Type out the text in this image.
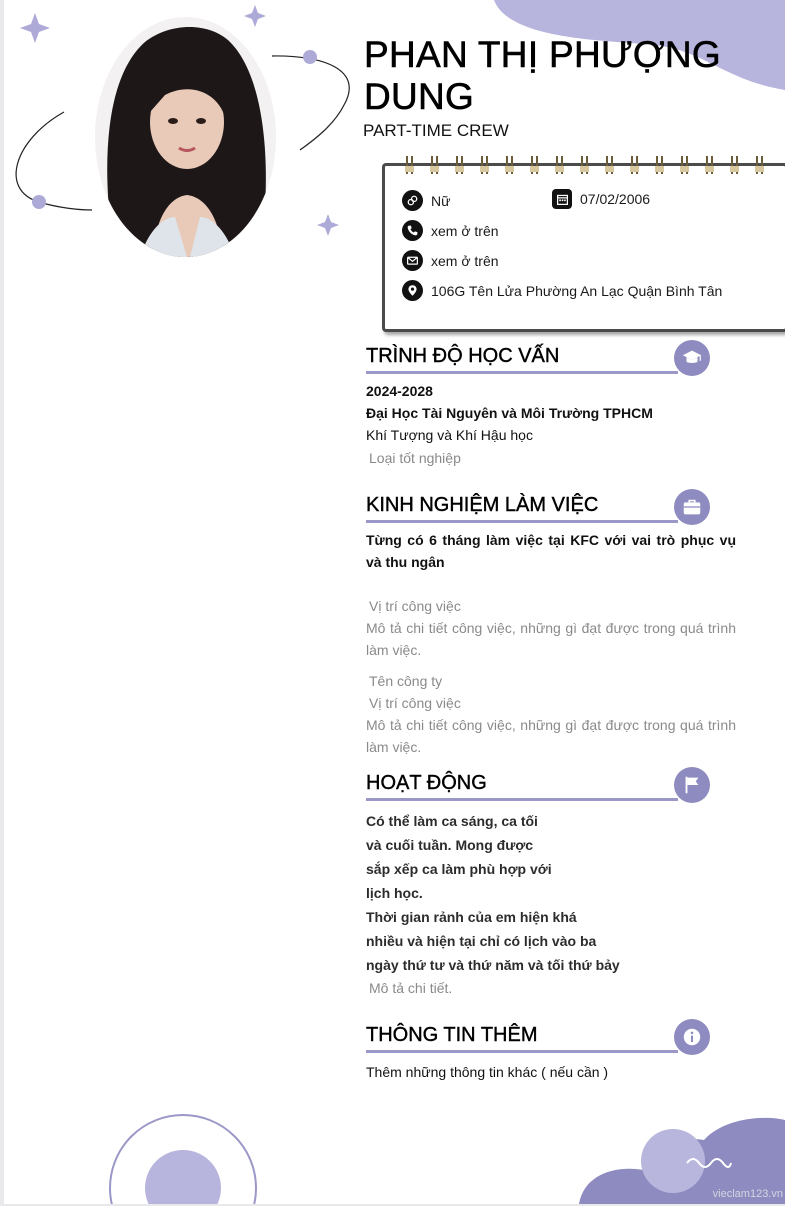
PHAN THỊ PHƯỢNG
DUNG
PART-TIME CREW
Nữ	07/02/2006
xem ở trên
xem ở trên
106G Tên Lửa Phường An Lạc Quận Bình Tân
TRÌNH ĐỘ HỌC VẤN
2024-2028
Đại Học Tài Nguyên và Môi Trường TPHCM
Khí Tượng và Khí Hậu học
Loại tốt nghiệp
KINH NGHIỆM LÀM VIỆC
Từng có 6 tháng làm việc tại KFC với vai trò phục vụ và thu ngân
Vị trí công việc
Mô tả chi tiết công việc, những gì đạt được trong quá trình làm việc.
Tên công ty
Vị trí công việc
Mô tả chi tiết công việc, những gì đạt được trong quá trình làm việc.
HOẠT ĐỘNG
Có thể làm ca sáng, ca tối
và cuối tuần. Mong được
sắp xếp ca làm phù hợp với
lịch học.
Thời gian rảnh của em hiện khá
nhiều và hiện tại chỉ có lịch vào ba
ngày thứ tư và thứ năm và tối thứ bảy
Mô tả chi tiết.
THÔNG TIN THÊM
Thêm những thông tin khác ( nếu cần )
vieclam123.vn
